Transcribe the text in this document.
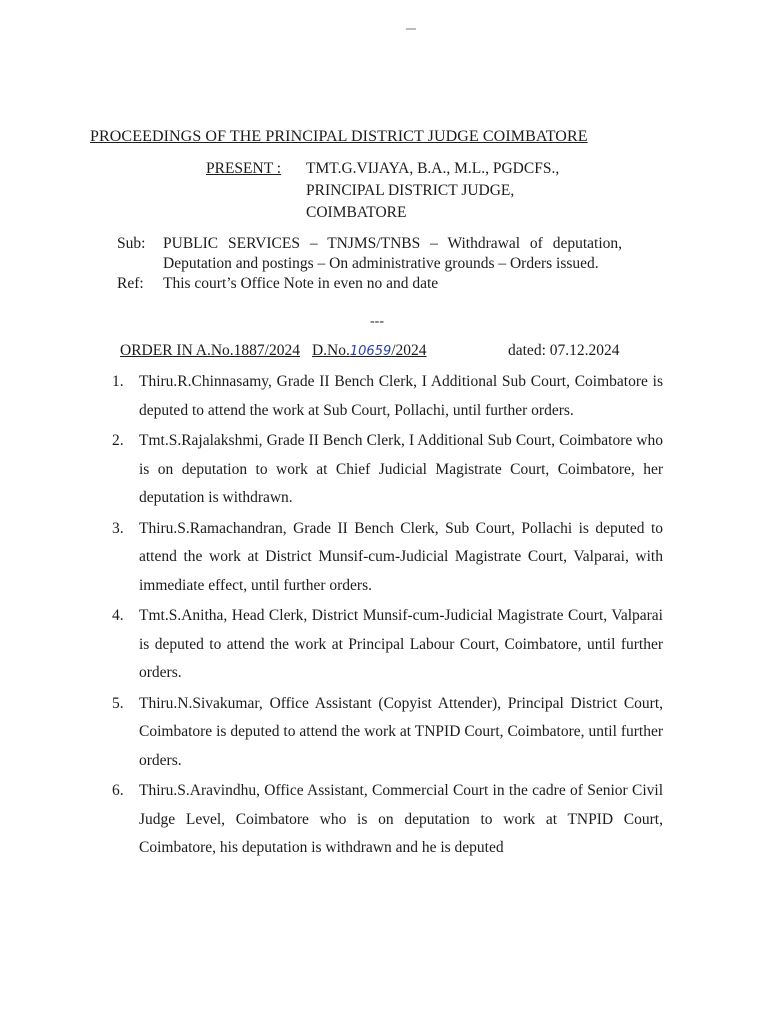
PROCEEDINGS OF THE PRINCIPAL DISTRICT JUDGE COIMBATORE
PRESENT : TMT.G.VIJAYA, B.A., M.L., PGDCFS.,
PRINCIPAL DISTRICT JUDGE,
COIMBATORE
Sub:	PUBLIC SERVICES – TNJMS/TNBS – Withdrawal of deputation, Deputation and postings – On administrative grounds – Orders issued.
Ref:	This court’s Office Note in even no and date
---
ORDER IN A.No.1887/2024 D.No.10659/2024	dated: 07.12.2024
1. Thiru.R.Chinnasamy, Grade II Bench Clerk, I Additional Sub Court, Coimbatore is deputed to attend the work at Sub Court, Pollachi, until further orders.
2. Tmt.S.Rajalakshmi, Grade II Bench Clerk, I Additional Sub Court, Coimbatore who is on deputation to work at Chief Judicial Magistrate Court, Coimbatore, her deputation is withdrawn.
3. Thiru.S.Ramachandran, Grade II Bench Clerk, Sub Court, Pollachi is deputed to attend the work at District Munsif-cum-Judicial Magistrate Court, Valparai, with immediate effect, until further orders.
4. Tmt.S.Anitha, Head Clerk, District Munsif-cum-Judicial Magistrate Court, Valparai is deputed to attend the work at Principal Labour Court, Coimbatore, until further orders.
5. Thiru.N.Sivakumar, Office Assistant (Copyist Attender), Principal District Court, Coimbatore is deputed to attend the work at TNPID Court, Coimbatore, until further orders.
6. Thiru.S.Aravindhu, Office Assistant, Commercial Court in the cadre of Senior Civil Judge Level, Coimbatore who is on deputation to work at TNPID Court, Coimbatore, his deputation is withdrawn and he is deputed
